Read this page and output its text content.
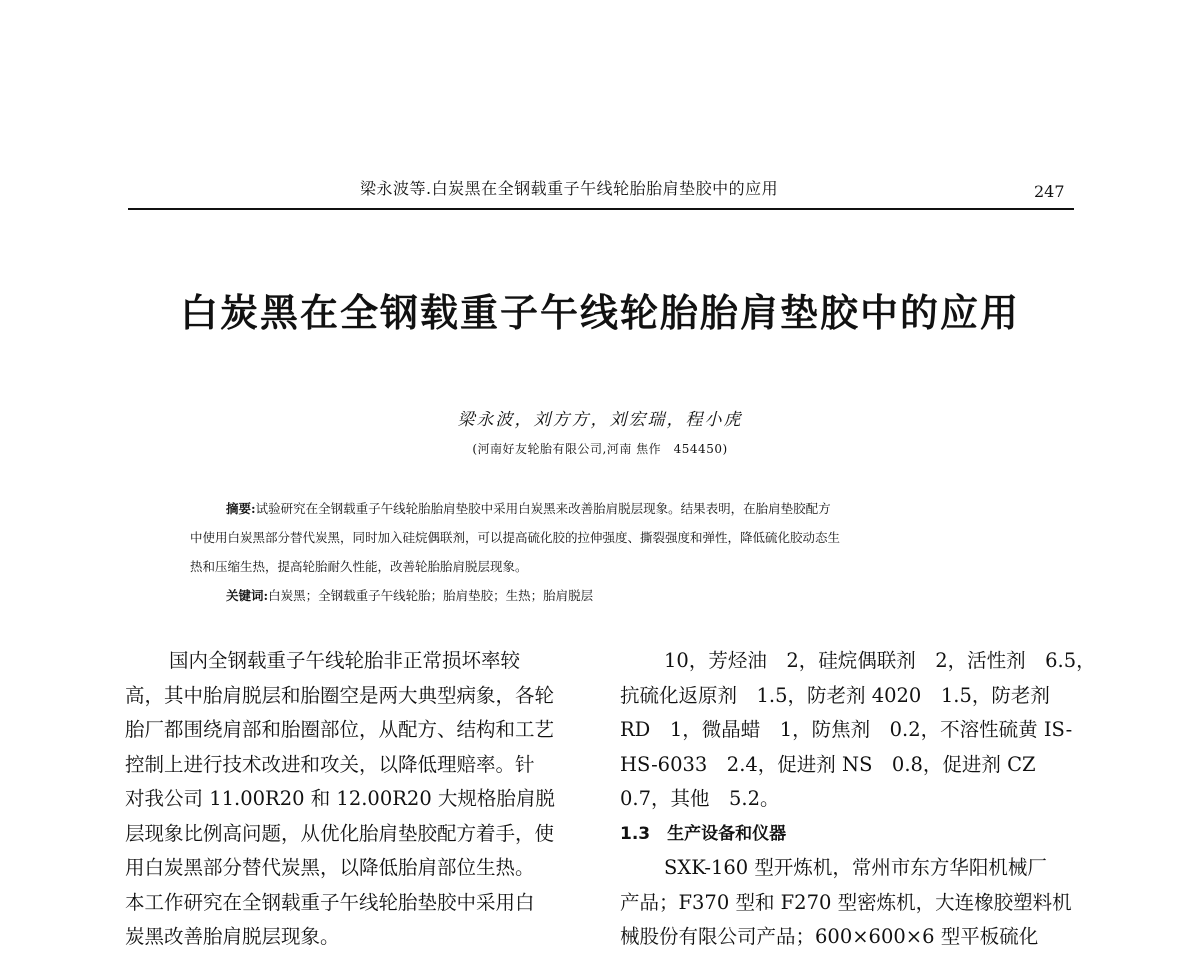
梁永波等.白炭黑在全钢载重子午线轮胎胎肩垫胶中的应用	247
白炭黑在全钢载重子午线轮胎胎肩垫胶中的应用
梁永波，刘方方，刘宏瑞，程小虎
(河南好友轮胎有限公司,河南 焦作　454450)
摘要:试验研究在全钢载重子午线轮胎胎肩垫胶中采用白炭黑来改善胎肩脱层现象。结果表明，在胎肩垫胶配方
中使用白炭黑部分替代炭黑，同时加入硅烷偶联剂，可以提高硫化胶的拉伸强度、撕裂强度和弹性，降低硫化胶动态生
热和压缩生热，提高轮胎耐久性能，改善轮胎胎肩脱层现象。
关键词:白炭黑；全钢载重子午线轮胎；胎肩垫胶；生热；胎肩脱层
国内全钢载重子午线轮胎非正常损坏率较
高，其中胎肩脱层和胎圈空是两大典型病象，各轮
胎厂都围绕肩部和胎圈部位，从配方、结构和工艺
控制上进行技术改进和攻关，以降低理赔率。针
对我公司 11.00R20 和 12.00R20 大规格胎肩脱
层现象比例高问题，从优化胎肩垫胶配方着手，使
用白炭黑部分替代炭黑，以降低胎肩部位生热。
本工作研究在全钢载重子午线轮胎垫胶中采用白
炭黑改善胎肩脱层现象。
10，芳烃油　2，硅烷偶联剂　2，活性剂　6.5，
抗硫化返原剂　1.5，防老剂 4020　1.5，防老剂
RD　1，微晶蜡　1，防焦剂　0.2，不溶性硫黄 IS-
HS-6033　2.4，促进剂 NS　0.8，促进剂 CZ
0.7，其他　5.2。
1.3　生产设备和仪器
SXK-160 型开炼机，常州市东方华阳机械厂
产品；F370 型和 F270 型密炼机，大连橡胶塑料机
械股份有限公司产品；600×600×6 型平板硫化
